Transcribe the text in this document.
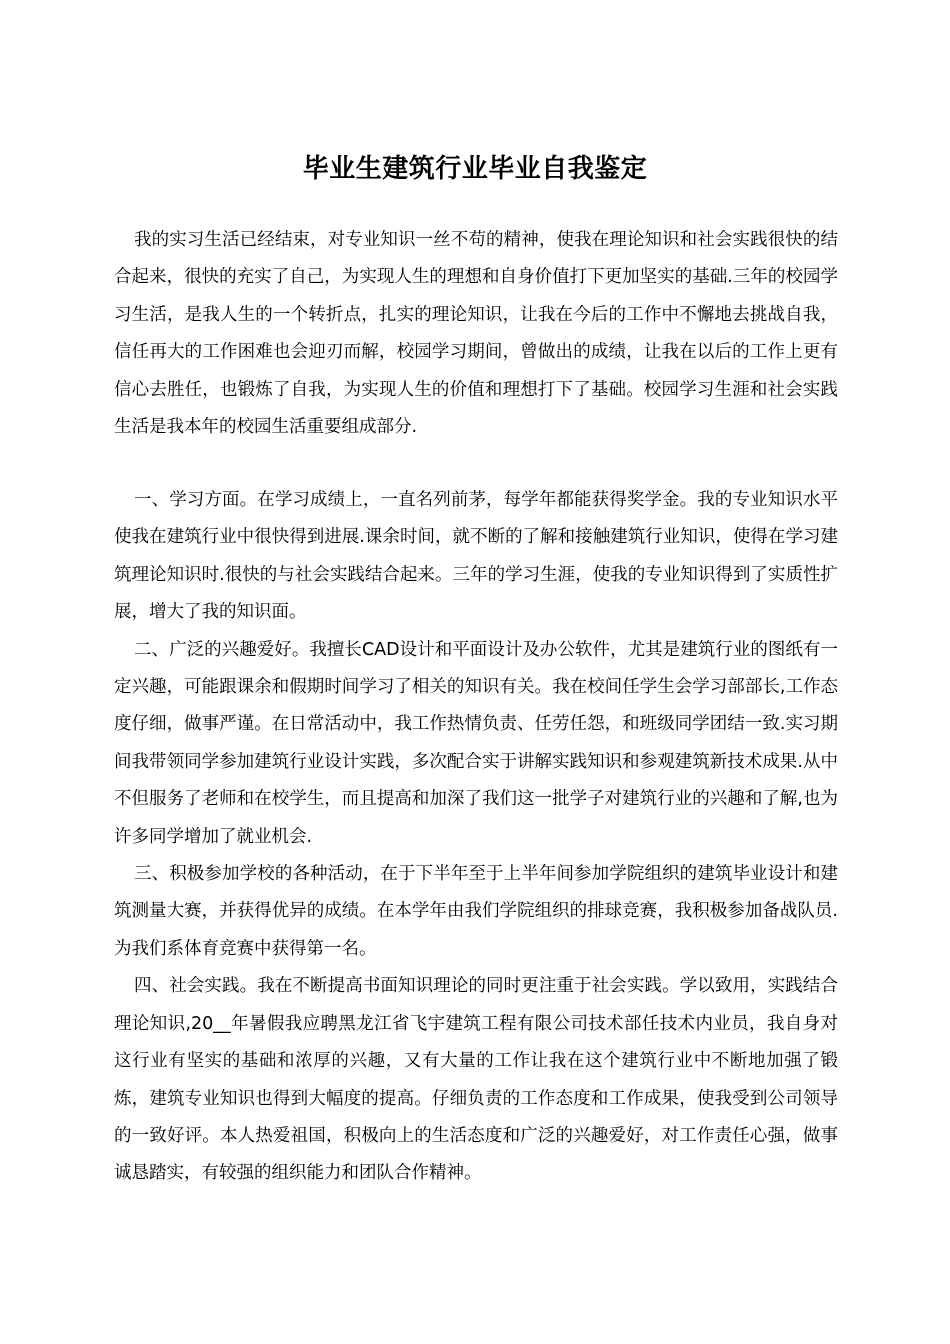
毕业生建筑行业毕业自我鉴定

我的实习生活已经结束，对专业知识一丝不苟的精神，使我在理论知识和社会实践很快的结合起来，很快的充实了自己，为实现人生的理想和自身价值打下更加坚实的基础.三年的校园学习生活，是我人生的一个转折点，扎实的理论知识，让我在今后的工作中不懈地去挑战自我，信任再大的工作困难也会迎刃而解，校园学习期间，曾做出的成绩，让我在以后的工作上更有信心去胜任，也锻炼了自我，为实现人生的价值和理想打下了基础。校园学习生涯和社会实践生活是我本年的校园生活重要组成部分.

一、学习方面。在学习成绩上，一直名列前茅，每学年都能获得奖学金。我的专业知识水平使我在建筑行业中很快得到进展.课余时间，就不断的了解和接触建筑行业知识，使得在学习建筑理论知识时.很快的与社会实践结合起来。三年的学习生涯，使我的专业知识得到了实质性扩展，增大了我的知识面。

二、广泛的兴趣爱好。我擅长CAD设计和平面设计及办公软件，尤其是建筑行业的图纸有一定兴趣，可能跟课余和假期时间学习了相关的知识有关。我在校间任学生会学习部部长,工作态度仔细，做事严谨。在日常活动中，我工作热情负责、任劳任怨，和班级同学团结一致.实习期间我带领同学参加建筑行业设计实践，多次配合实于讲解实践知识和参观建筑新技术成果.从中不但服务了老师和在校学生，而且提高和加深了我们这一批学子对建筑行业的兴趣和了解,也为许多同学增加了就业机会.

三、积极参加学校的各种活动，在于下半年至于上半年间参加学院组织的建筑毕业设计和建筑测量大赛，并获得优异的成绩。在本学年由我们学院组织的排球竞赛，我积极参加备战队员.为我们系体育竞赛中获得第一名。

四、社会实践。我在不断提高书面知识理论的同时更注重于社会实践。学以致用，实践结合理论知识,20__年暑假我应聘黑龙江省飞宇建筑工程有限公司技术部任技术内业员，我自身对这行业有坚实的基础和浓厚的兴趣，又有大量的工作让我在这个建筑行业中不断地加强了锻炼，建筑专业知识也得到大幅度的提高。仔细负责的工作态度和工作成果，使我受到公司领导的一致好评。本人热爱祖国，积极向上的生活态度和广泛的兴趣爱好，对工作责任心强，做事诚恳踏实，有较强的组织能力和团队合作精神。
